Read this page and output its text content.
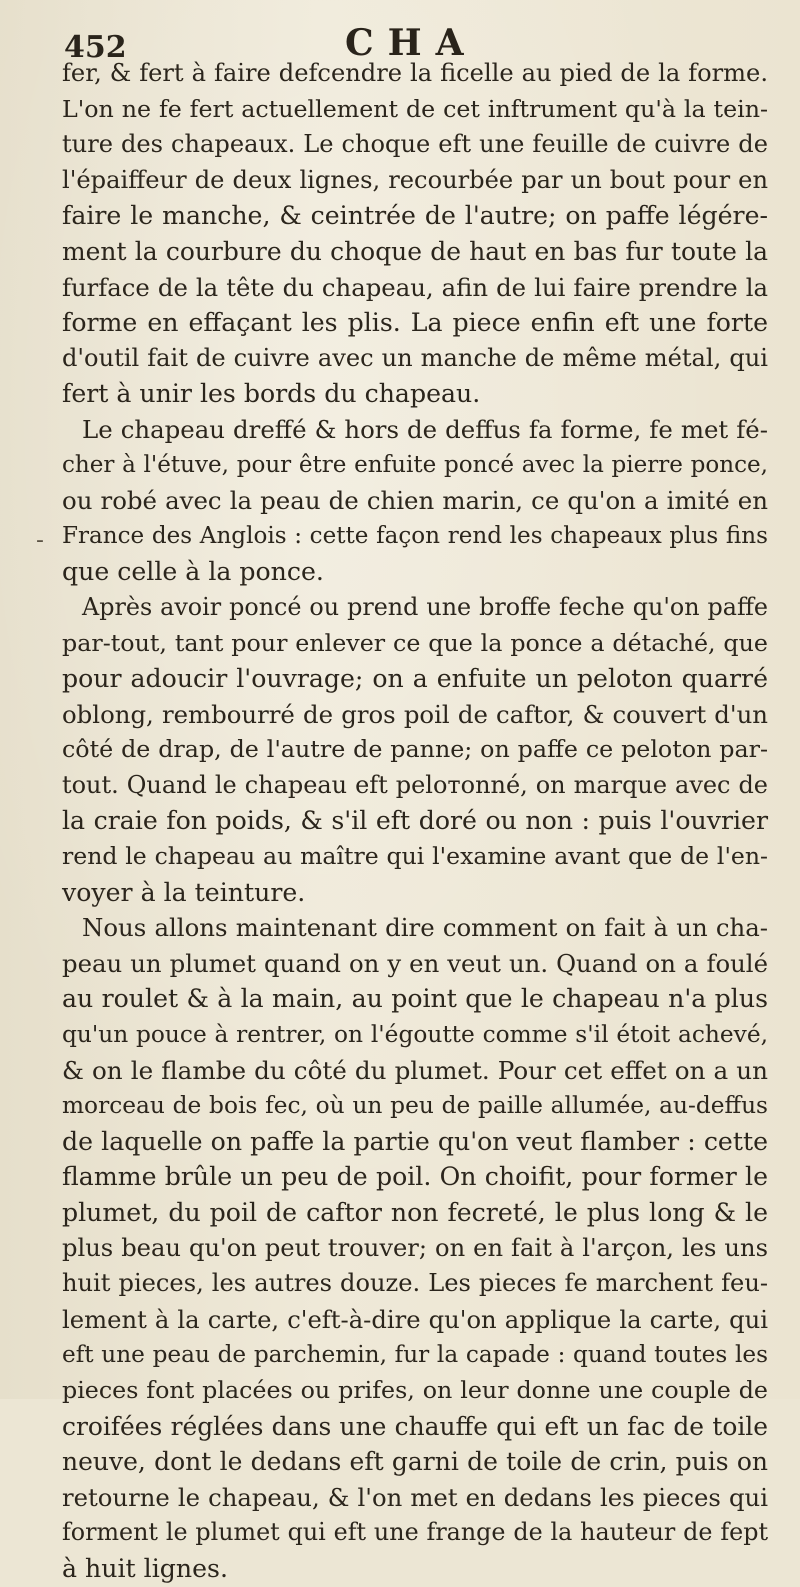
452	CHA
-
fer, & fert à faire defcendre la ficelle au pied de la forme.
L'on ne fe fert actuellement de cet inftrument qu'à la tein-
ture des chapeaux. Le choque eft une feuille de cuivre de
l'épaiffeur de deux lignes, recourbée par un bout pour en
faire le manche, & ceintrée de l'autre; on paffe légére-
ment la courbure du choque de haut en bas fur toute la
furface de la tête du chapeau, afin de lui faire prendre la
forme en effaçant les plis. La piece enfin eft une forte
d'outil fait de cuivre avec un manche de même métal, qui
fert à unir les bords du chapeau.
Le chapeau dreffé & hors de deffus fa forme, fe met fé-
cher à l'étuve, pour être enfuite poncé avec la pierre ponce,
ou robé avec la peau de chien marin, ce qu'on a imité en
France des Anglois : cette façon rend les chapeaux plus fins
que celle à la ponce.
Après avoir poncé ou prend une broffe feche qu'on paffe
par-tout, tant pour enlever ce que la ponce a détaché, que
pour adoucir l'ouvrage; on a enfuite un peloton quarré
oblong, rembourré de gros poil de caftor, & couvert d'un
côté de drap, de l'autre de panne; on paffe ce peloton par-
tout. Quand le chapeau eft peloтonné, on marque avec de
la craie fon poids, & s'il eft doré ou non : puis l'ouvrier
rend le chapeau au maître qui l'examine avant que de l'en-
voyer à la teinture.
Nous allons maintenant dire comment on fait à un cha-
peau un plumet quand on y en veut un. Quand on a foulé
au roulet & à la main, au point que le chapeau n'a plus
qu'un pouce à rentrer, on l'égoutte comme s'il étoit achevé,
& on le flambe du côté du plumet. Pour cet effet on a un
morceau de bois fec, où un peu de paille allumée, au-deffus
de laquelle on paffe la partie qu'on veut flamber : cette
flamme brûle un peu de poil. On choifit, pour former le
plumet, du poil de caftor non fecreté, le plus long & le
plus beau qu'on peut trouver; on en fait à l'arçon, les uns
huit pieces, les autres douze. Les pieces fe marchent feu-
lement à la carte, c'eft-à-dire qu'on applique la carte, qui
eft une peau de parchemin, fur la capade : quand toutes les
pieces font placées ou prifes, on leur donne une couple de
croifées réglées dans une chauffe qui eft un fac de toile
neuve, dont le dedans eft garni de toile de crin, puis on
retourne le chapeau, & l'on met en dedans les pieces qui
forment le plumet qui eft une frange de la hauteur de fept
à huit lignes.
